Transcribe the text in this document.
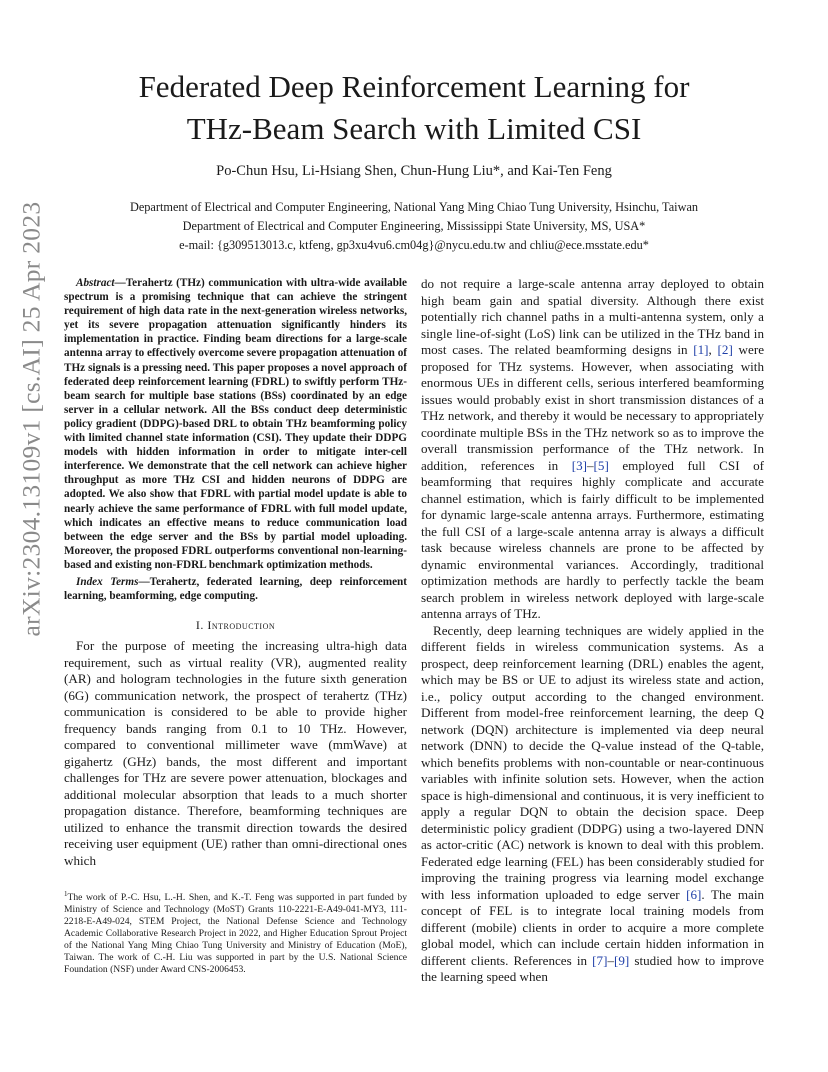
Federated Deep Reinforcement Learning for
THz-Beam Search with Limited CSI
Po-Chun Hsu, Li-Hsiang Shen, Chun-Hung Liu*, and Kai-Ten Feng
Department of Electrical and Computer Engineering, National Yang Ming Chiao Tung University, Hsinchu, Taiwan
Department of Electrical and Computer Engineering, Mississippi State University, MS, USA*
e-mail: {g309513013.c, ktfeng, gp3xu4vu6.cm04g}@nycu.edu.tw and chliu@ece.msstate.edu*
arXiv:2304.13109v1 [cs.AI] 25 Apr 2023	Abstract—Terahertz (THz) communication with ultra-wide available spectrum is a promising technique that can achieve the stringent requirement of high data rate in the next-generation wireless networks, yet its severe propagation attenuation significantly hinders its implementation in practice. Finding beam directions for a large-scale antenna array to effectively overcome severe propagation attenuation of THz signals is a pressing need. This paper proposes a novel approach of federated deep reinforcement learning (FDRL) to swiftly perform THz-beam search for multiple base stations (BSs) coordinated by an edge server in a cellular network. All the BSs conduct deep deterministic policy gradient (DDPG)-based DRL to obtain THz beamforming policy with limited channel state information (CSI). They update their DDPG models with hidden information in order to mitigate inter-cell interference. We demonstrate that the cell network can achieve higher throughput as more THz CSI and hidden neurons of DDPG are adopted. We also show that FDRL with partial model update is able to nearly achieve the same performance of FDRL with full model update, which indicates an effective means to reduce communication load between the edge server and the BSs by partial model uploading. Moreover, the proposed FDRL outperforms conventional non-learning-based and existing non-FDRL benchmark optimization methods.

Index Terms—Terahertz, federated learning, deep reinforcement learning, beamforming, edge computing.

I. Introduction

For the purpose of meeting the increasing ultra-high data requirement, such as virtual reality (VR), augmented reality (AR) and hologram technologies in the future sixth generation (6G) communication network, the prospect of terahertz (THz) communication is considered to be able to provide higher frequency bands ranging from 0.1 to 10 THz. However, compared to conventional millimeter wave (mmWave) at gigahertz (GHz) bands, the most different and important challenges for THz are severe power attenuation, blockages and additional molecular absorption that leads to a much shorter propagation distance. Therefore, beamforming techniques are utilized to enhance the transmit direction towards the desired receiving user equipment (UE) rather than omni-directional ones which

$^1$The work of P.-C. Hsu, L.-H. Shen, and K.-T. Feng was supported in part funded by Ministry of Science and Technology (MoST) Grants 110-2221-E-A49-041-MY3, 111-2218-E-A49-024, STEM Project, the National Defense Science and Technology Academic Collaborative Research Project in 2022, and Higher Education Sprout Project of the National Yang Ming Chiao Tung University and Ministry of Education (MoE), Taiwan. The work of C.-H. Liu was supported in part by the U.S. National Science Foundation (NSF) under Award CNS-2006453.

do not require a large-scale antenna array deployed to obtain high beam gain and spatial diversity. Although there exist potentially rich channel paths in a multi-antenna system, only a single line-of-sight (LoS) link can be utilized in the THz band in most cases. The related beamforming designs in [1], [2] were proposed for THz systems. However, when associating with enormous UEs in different cells, serious interfered beamforming issues would probably exist in short transmission distances of a THz network, and thereby it would be necessary to appropriately coordinate multiple BSs in the THz network so as to improve the overall transmission performance of the THz network. In addition, references in [3]–[5] employed full CSI of beamforming that requires highly complicate and accurate channel estimation, which is fairly difficult to be implemented for dynamic large-scale antenna arrays. Furthermore, estimating the full CSI of a large-scale antenna array is always a difficult task because wireless channels are prone to be affected by dynamic environmental variances. Accordingly, traditional optimization methods are hardly to perfectly tackle the beam search problem in wireless network deployed with large-scale antenna arrays of THz.

Recently, deep learning techniques are widely applied in the different fields in wireless communication systems. As a prospect, deep reinforcement learning (DRL) enables the agent, which may be BS or UE to adjust its wireless state and action, i.e., policy output according to the changed environment. Different from model-free reinforcement learning, the deep Q network (DQN) architecture is implemented via deep neural network (DNN) to decide the Q-value instead of the Q-table, which benefits problems with non-countable or near-continuous variables with infinite solution sets. However, when the action space is high-dimensional and continuous, it is very inefficient to apply a regular DQN to obtain the decision space. Deep deterministic policy gradient (DDPG) using a two-layered DNN as actor-critic (AC) network is known to deal with this problem. Federated edge learning (FEL) has been considerably studied for improving the training progress via learning model exchange with less information uploaded to edge server [6]. The main concept of FEL is to integrate local training models from different (mobile) clients in order to acquire a more complete global model, which can include certain hidden information in different clients. References in [7]–[9] studied how to improve the learning speed when
